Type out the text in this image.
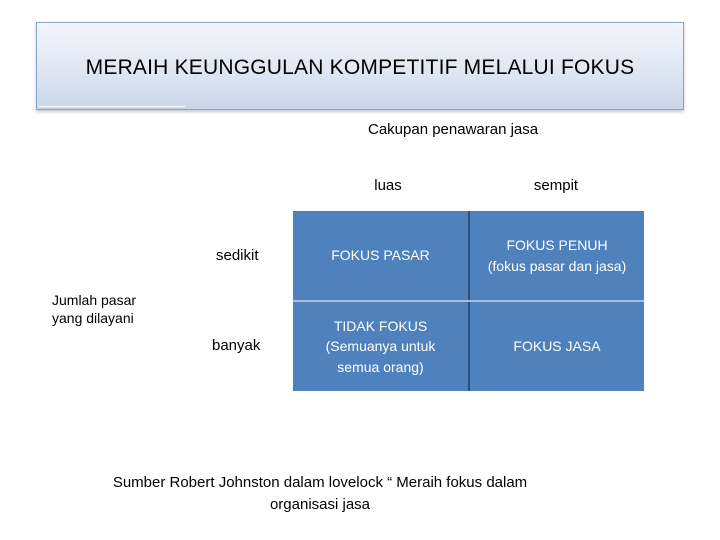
MERAIH KEUNGGULAN KOMPETITIF MELALUI FOKUS
Cakupan penawaran jasa
luas	sempit
sedikit
banyak
Jumlah pasar
yang dilayani
FOKUS PASAR
FOKUS PENUH
(fokus pasar dan jasa)
TIDAK FOKUS
(Semuanya untuk
semua orang)
FOKUS JASA
Sumber Robert Johnston dalam lovelock “ Meraih fokus dalam
organisasi jasa
